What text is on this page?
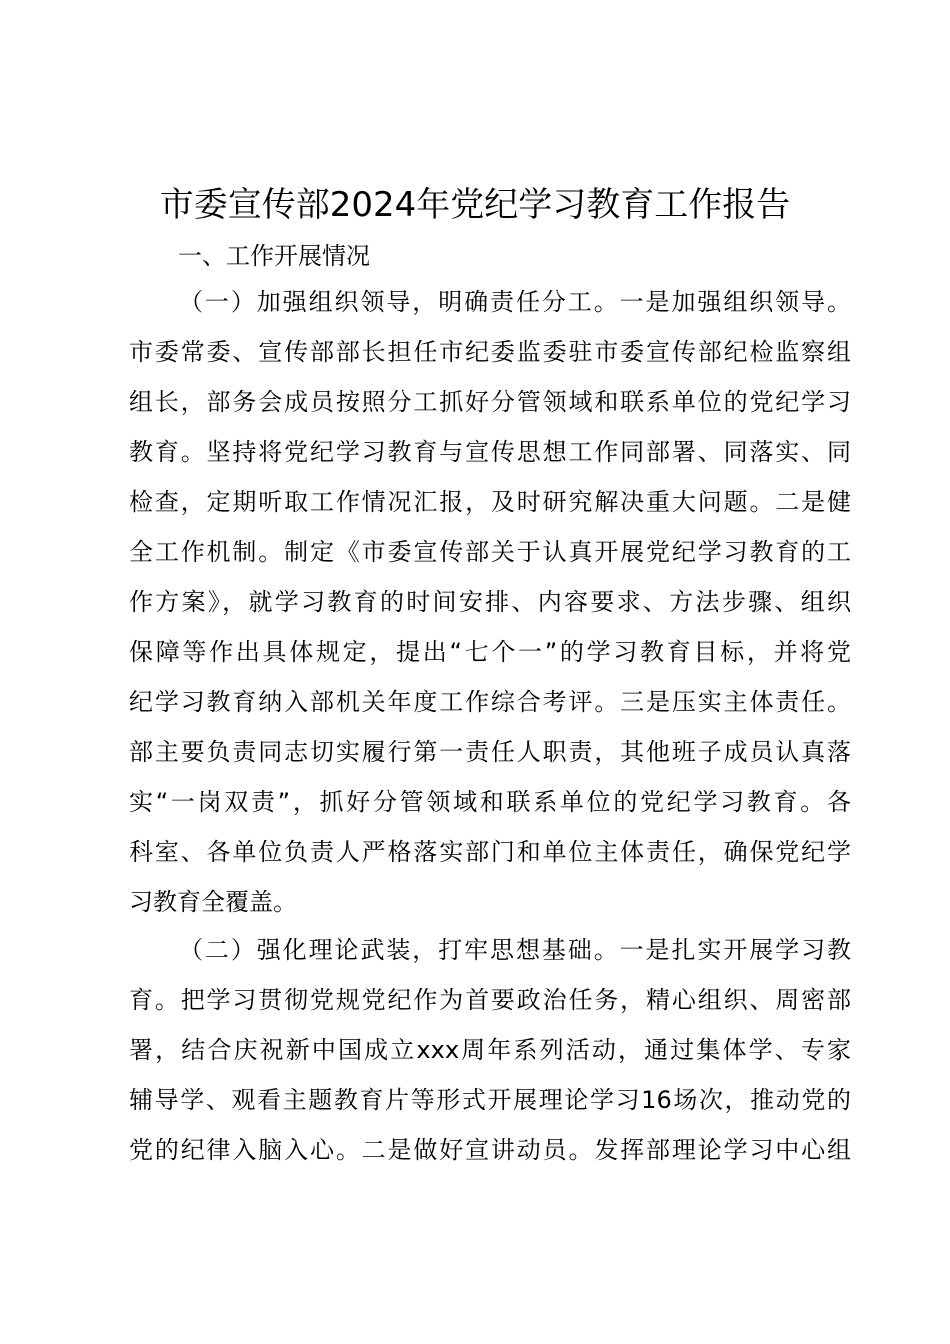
市委宣传部2024年党纪学习教育工作报告
一、工作开展情况
（一）加强组织领导，明确责任分工。一是加强组织领导。
市委常委、宣传部部长担任市纪委监委驻市委宣传部纪检监察组
组长，部务会成员按照分工抓好分管领域和联系单位的党纪学习
教育。坚持将党纪学习教育与宣传思想工作同部署、同落实、同
检查，定期听取工作情况汇报，及时研究解决重大问题。二是健
全工作机制。制定《市委宣传部关于认真开展党纪学习教育的工
作方案》，就学习教育的时间安排、内容要求、方法步骤、组织
保障等作出具体规定，提出“七个一”的学习教育目标，并将党
纪学习教育纳入部机关年度工作综合考评。三是压实主体责任。
部主要负责同志切实履行第一责任人职责，其他班子成员认真落
实“一岗双责”，抓好分管领域和联系单位的党纪学习教育。各
科室、各单位负责人严格落实部门和单位主体责任，确保党纪学
习教育全覆盖。
（二）强化理论武装，打牢思想基础。一是扎实开展学习教
育。把学习贯彻党规党纪作为首要政治任务，精心组织、周密部
署，结合庆祝新中国成立xxx周年系列活动，通过集体学、专家
辅导学、观看主题教育片等形式开展理论学习16场次，推动党的
党的纪律入脑入心。二是做好宣讲动员。发挥部理论学习中心组
